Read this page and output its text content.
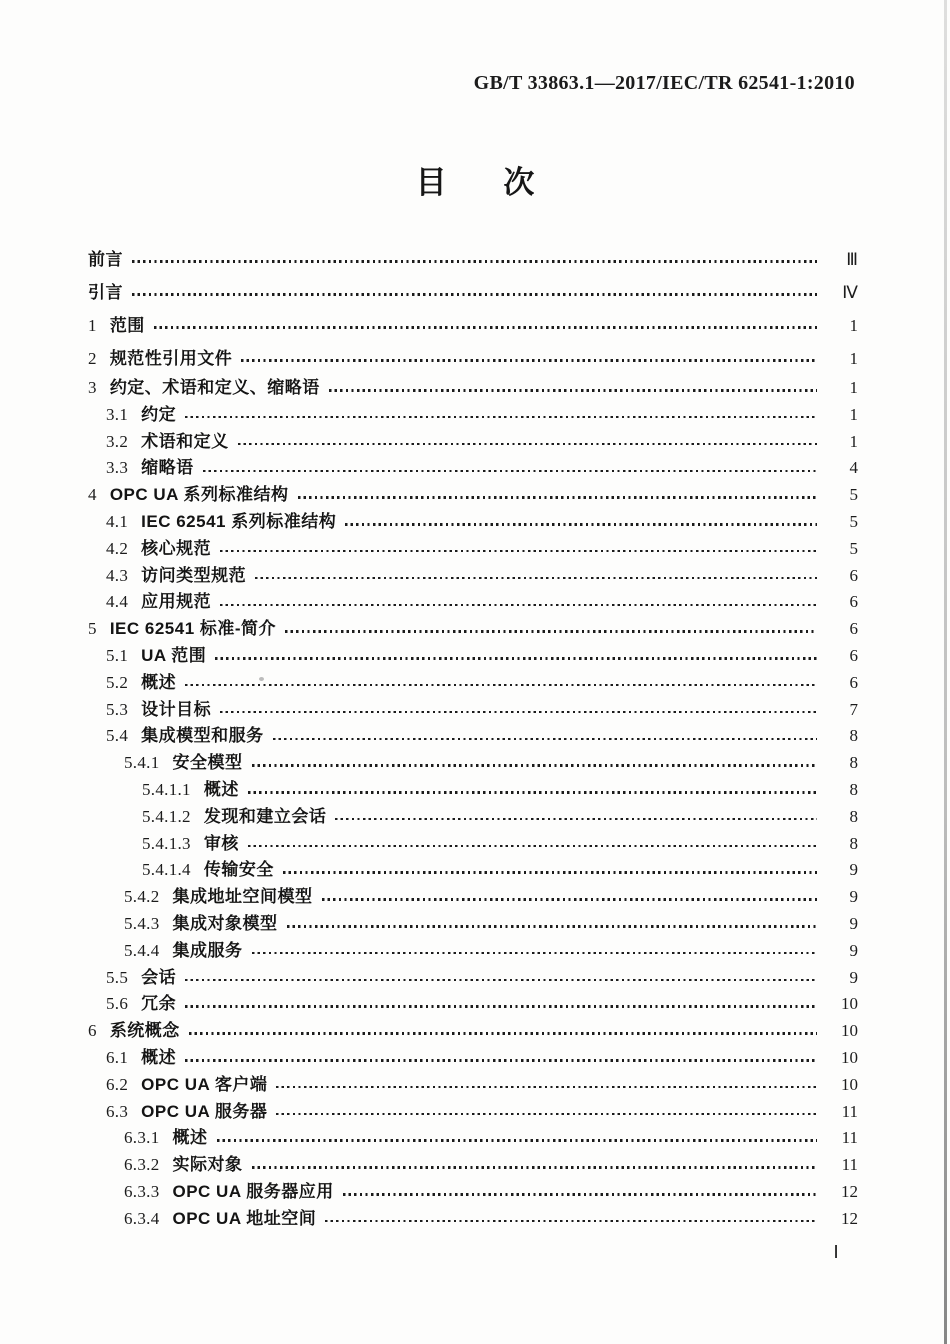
GB/T 33863.1—2017/IEC/TR 62541-1:2010
目 次
前言	Ⅲ
引言	Ⅳ
1 范围	1
2 规范性引用文件	1
3 约定、术语和定义、缩略语	1
3.1 约定	1
3.2 术语和定义	1
3.3 缩略语	4
4 OPC UA 系列标准结构	5
4.1 IEC 62541 系列标准结构	5
4.2 核心规范	5
4.3 访问类型规范	6
4.4 应用规范	6
5 IEC 62541 标准-简介	6
5.1 UA 范围	6
5.2 概述	6
5.3 设计目标	7
5.4 集成模型和服务	8
5.4.1 安全模型	8
5.4.1.1 概述	8
5.4.1.2 发现和建立会话	8
5.4.1.3 审核	8
5.4.1.4 传输安全	9
5.4.2 集成地址空间模型	9
5.4.3 集成对象模型	9
5.4.4 集成服务	9
5.5 会话	9
5.6 冗余	10
6 系统概念	10
6.1 概述	10
6.2 OPC UA 客户端	10
6.3 OPC UA 服务器	11
6.3.1 概述	11
6.3.2 实际对象	11
6.3.3 OPC UA 服务器应用	12
6.3.4 OPC UA 地址空间	12
Ⅰ
